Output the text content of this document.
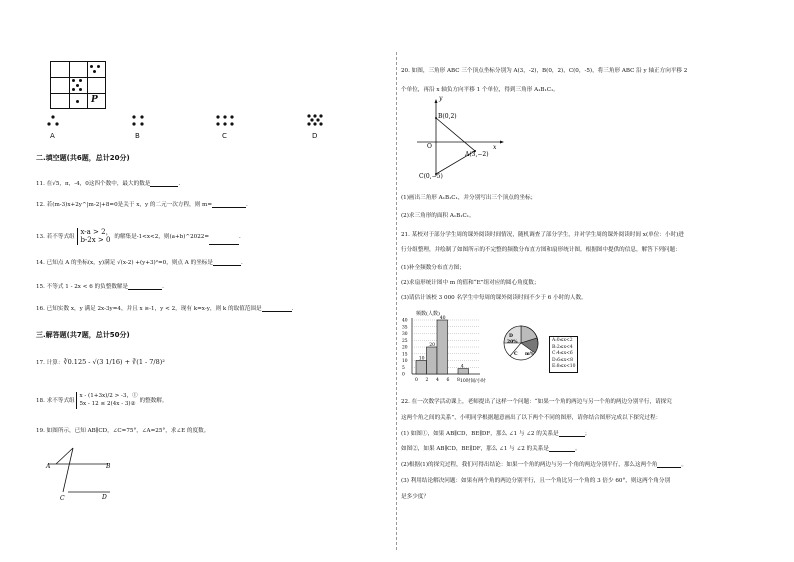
P
A	B	C	D
二.填空题(共6题，总计20分)
11. 在√5，π，-4，0这四个数中，最大的数是	.
12. 若(m-3)x+2y^|m-2|+8=0是关于 x，y 的二元一次方程，则 m=	.
13. 若不等式组 x-a > 2，
b-2x > 0 的解集是-1<x<2，则(a+b)^2022=	.
14. 已知点 A 的坐标(x，y)满足 √(x-2) +(y+3)²=0，则点 A 的坐标是	.
15. 不等式 1 - 2x < 6 的负整数解是	.
16. 已知实数 x，y 满足 2x-3y=4，并且 x ≥-1，y < 2，现有 k=x-y，则 k 的取值范围是	.
三.解答题(共7题，总计50分)
17. 计算：∛0.125 - √(3 1/16) + ∛(1 - 7/8)²
18. 求不等式组 x - (1+3x)/2 > -3，①
5x - 12 ≤ 2(4x - 3)② 的整数解。
19. 如图所示，已知 AB∥CD，∠C=75°，∠A=25°，求∠E 的度数。
A	B
C	D
20. 如图，三角形 ABC 三个顶点坐标分别为 A(3，-2)，B(0，2)，C(0，-5)，将三角形 ABC 沿 y 轴正方向平移 2
个单位，再沿 x 轴负方向平移 1 个单位，得到三角形 A₁B₁C₁。
y
x
O
B(0,2)
A(3,−2)
C(0,−5)
(1)画出三角形 A₁B₁C₁，并分别写出三个顶点的坐标；
(2)求三角形的面积 A₁B₁C₁。
21. 某校对于部分学生周的课外阅读时间情况，随机调查了部分学生，并对学生周的课外阅读时间 x(单位：小时)进
行分组整理，并绘制了如图所示的不完整的频数分布直方图和扇形统计图。根据图中提供的信息，解答下列问题：
(1)补全频数分布直方图；
(2)求扇形统计图中 m 的值和“E”组对应的圆心角度数；
(3)请估计该校 3 000 名学生中每周的课外阅读时间不少于 6 小时的人数。
频数(人数)
10
20
40
4
40
35
30
25
20
15
10
5
0
0 2 4 6 8 10时间/小时
D
20%
C m%
A:0≤x<2
B:2≤x<4
C:4≤x<6
D:6≤x<8
E:8≤x<10
22. 在一次数学活动课上，老师提出了这样一个问题：“如果一个角的两边与另一个角的两边分别平行，请探究
这两个角之间的关系”，小明同学根据题意画出了以下两个不同的图形，请你结合图形完成以下探究过程：
(1) 如图①，如果 AB∥CD，BE∥DF，那么 ∠1 与 ∠2 的关系是	；
如图②，如果 AB∥CD，BE∥DF，那么 ∠1 与 ∠2 的关系是	。
(2)根据(1)的探究过程，我们可得出结论：如果一个角的两边与另一个角的两边分别平行，那么这两个角	。
(3) 利用结论解决问题：如果有两个角的两边分别平行，且一个角比另一个角的 3 倍少 60°，则这两个角分别
是多少度？
